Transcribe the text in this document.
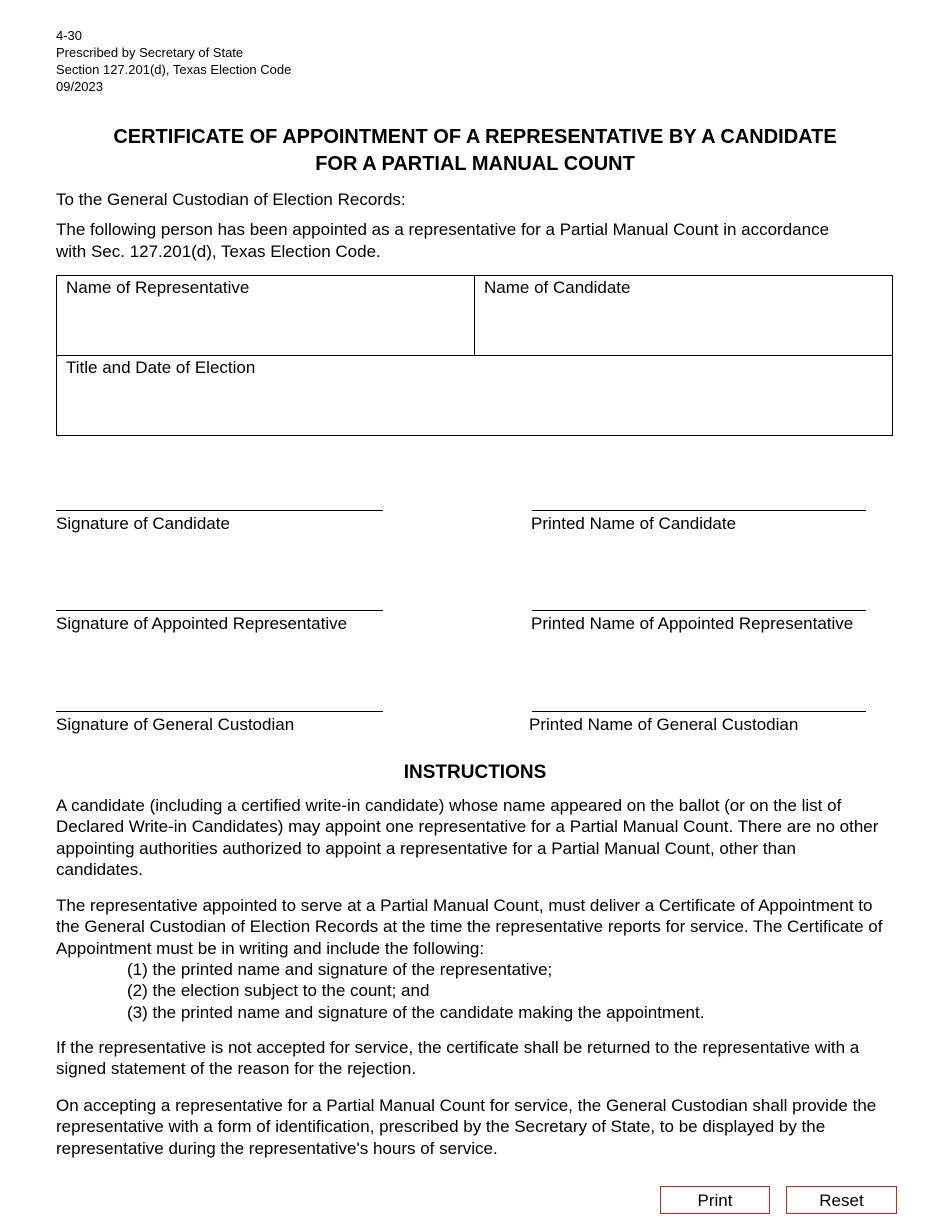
4-30
Prescribed by Secretary of State
Section 127.201(d), Texas Election Code
09/2023
CERTIFICATE OF APPOINTMENT OF A REPRESENTATIVE BY A CANDIDATE
FOR A PARTIAL MANUAL COUNT
To the General Custodian of Election Records:
The following person has been appointed as a representative for a Partial Manual Count in accordance with Sec. 127.201(d), Texas Election Code.
Name of Representative	Name of Candidate
Title and Date of Election
Signature of Candidate	Printed Name of Candidate
Signature of Appointed Representative	Printed Name of Appointed Representative
Signature of General Custodian	Printed Name of General Custodian
INSTRUCTIONS
A candidate (including a certified write-in candidate) whose name appeared on the ballot (or on the list of Declared Write-in Candidates) may appoint one representative for a Partial Manual Count. There are no other appointing authorities authorized to appoint a representative for a Partial Manual Count, other than candidates.
The representative appointed to serve at a Partial Manual Count, must deliver a Certificate of Appointment to the General Custodian of Election Records at the time the representative reports for service. The Certificate of Appointment must be in writing and include the following:
(1) the printed name and signature of the representative;
(2) the election subject to the count; and
(3) the printed name and signature of the candidate making the appointment.
If the representative is not accepted for service, the certificate shall be returned to the representative with a signed statement of the reason for the rejection.
On accepting a representative for a Partial Manual Count for service, the General Custodian shall provide the representative with a form of identification, prescribed by the Secretary of State, to be displayed by the representative during the representative's hours of service.
Print	Reset
